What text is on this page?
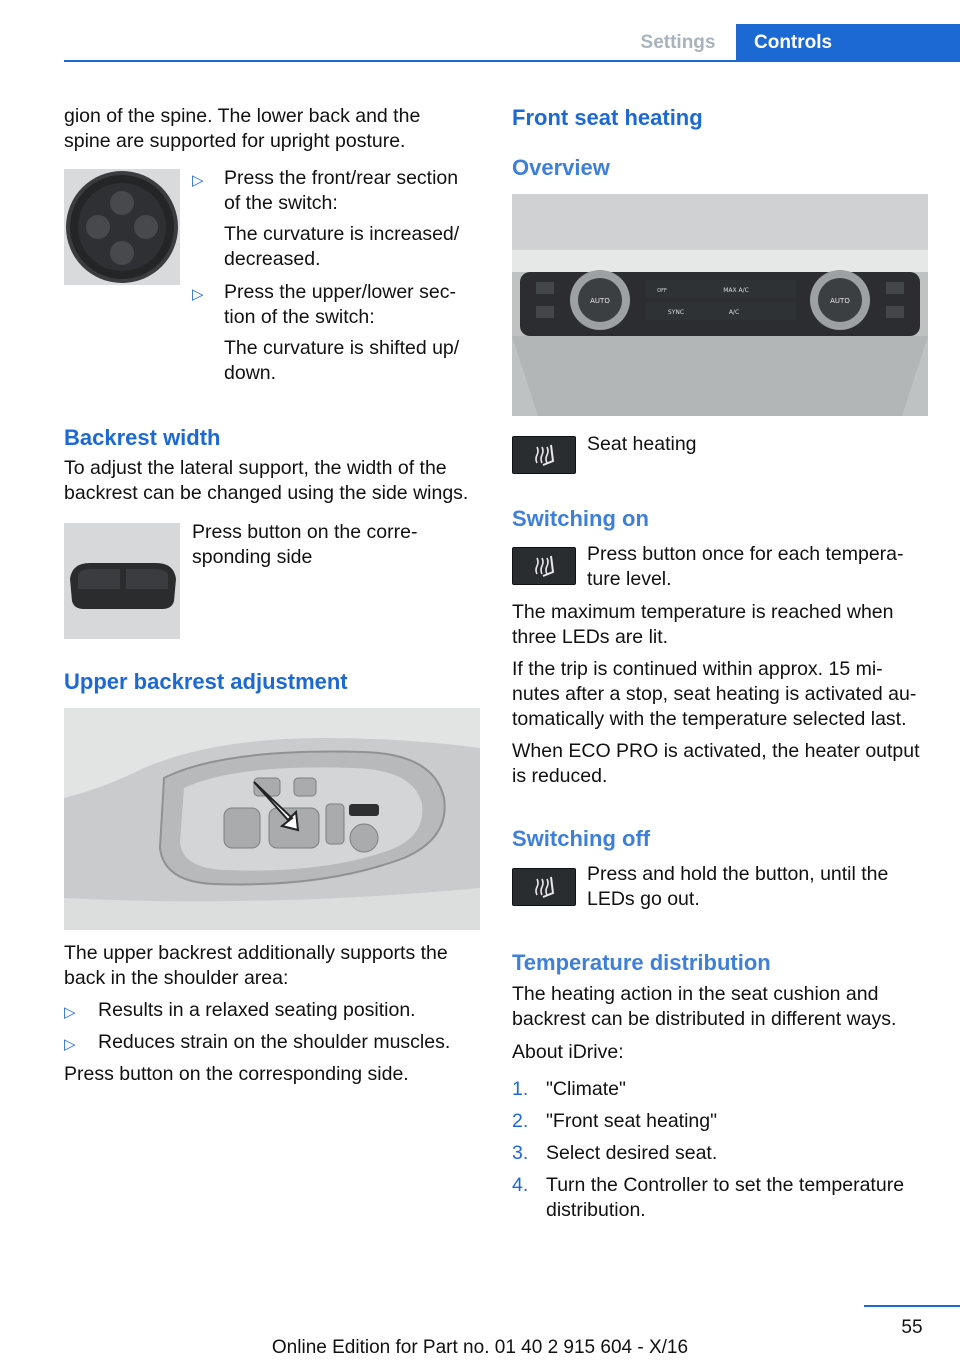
Settings	Controls

gion of the spine. The lower back and the
spine are supported for upright posture.

▷ Press the front/rear section
of the switch:
The curvature is increased/
decreased.
▷ Press the upper/lower sec-
tion of the switch:
The curvature is shifted up/
down.
Backrest width
To adjust the lateral support, the width of the
backrest can be changed using the side wings.
Press button on the corre-
sponding side
Upper backrest adjustment
The upper backrest additionally supports the
back in the shoulder area:
▷ Results in a relaxed seating position.
▷ Reduces strain on the shoulder muscles.
Press button on the corresponding side.
Front seat heating
Overview
AUTO	AUTO
MAX A/C
SYNC	A/C
OFF
Seat heating
Switching on
Press button once for each tempera-
ture level.
The maximum temperature is reached when
three LEDs are lit.
If the trip is continued within approx. 15 mi-
nutes after a stop, seat heating is activated au-
tomatically with the temperature selected last.
When ECO PRO is activated, the heater output
is reduced.
Switching off
Press and hold the button, until the
LEDs go out.
Temperature distribution
The heating action in the seat cushion and
backrest can be distributed in different ways.
About iDrive:
1. "Climate"
2. "Front seat heating"
3. Select desired seat.
4. Turn the Controller to set the temperature
distribution.
55
Online Edition for Part no. 01 40 2 915 604 - X/16
